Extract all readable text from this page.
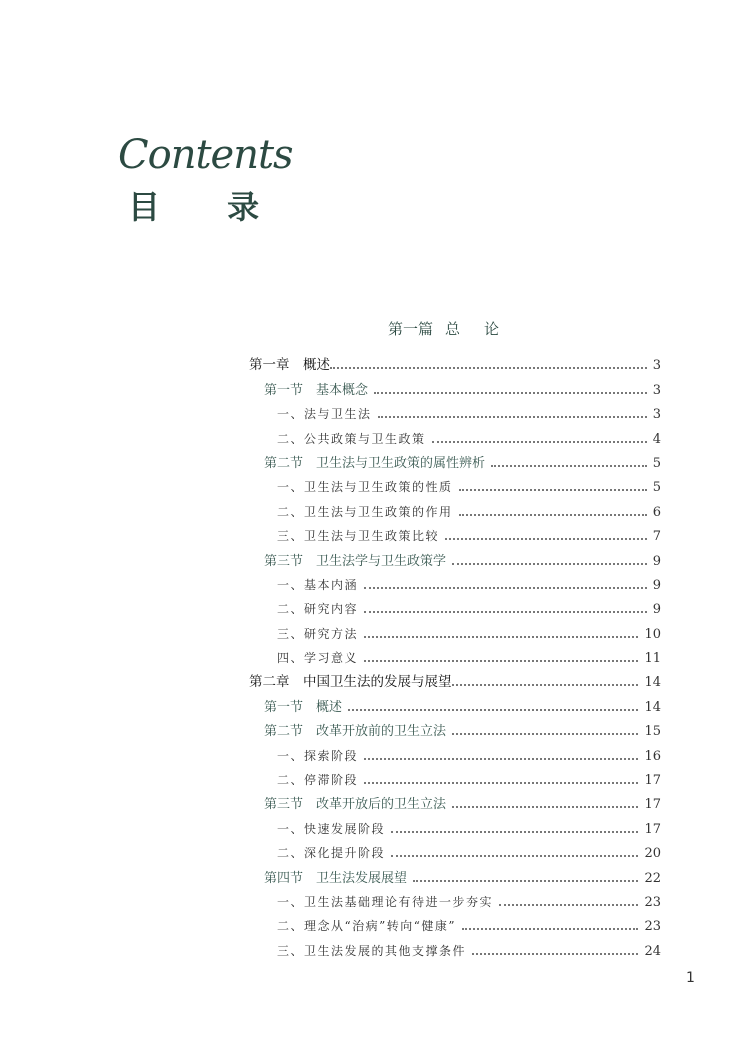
Contents
目 录
第一篇 总 论
第一章　概述	3
第一节　基本概念	3
一、法与卫生法	3
二、公共政策与卫生政策	4
第二节　卫生法与卫生政策的属性辨析	5
一、卫生法与卫生政策的性质	5
二、卫生法与卫生政策的作用	6
三、卫生法与卫生政策比较	7
第三节　卫生法学与卫生政策学	9
一、基本内涵	9
二、研究内容	9
三、研究方法	10
四、学习意义	11
第二章　中国卫生法的发展与展望	14
第一节　概述	14
第二节　改革开放前的卫生立法	15
一、探索阶段	16
二、停滞阶段	17
第三节　改革开放后的卫生立法	17
一、快速发展阶段	17
二、深化提升阶段	20
第四节　卫生法发展展望	22
一、卫生法基础理论有待进一步夯实	23
二、理念从“治病”转向“健康”	23
三、卫生法发展的其他支撑条件	24
1
